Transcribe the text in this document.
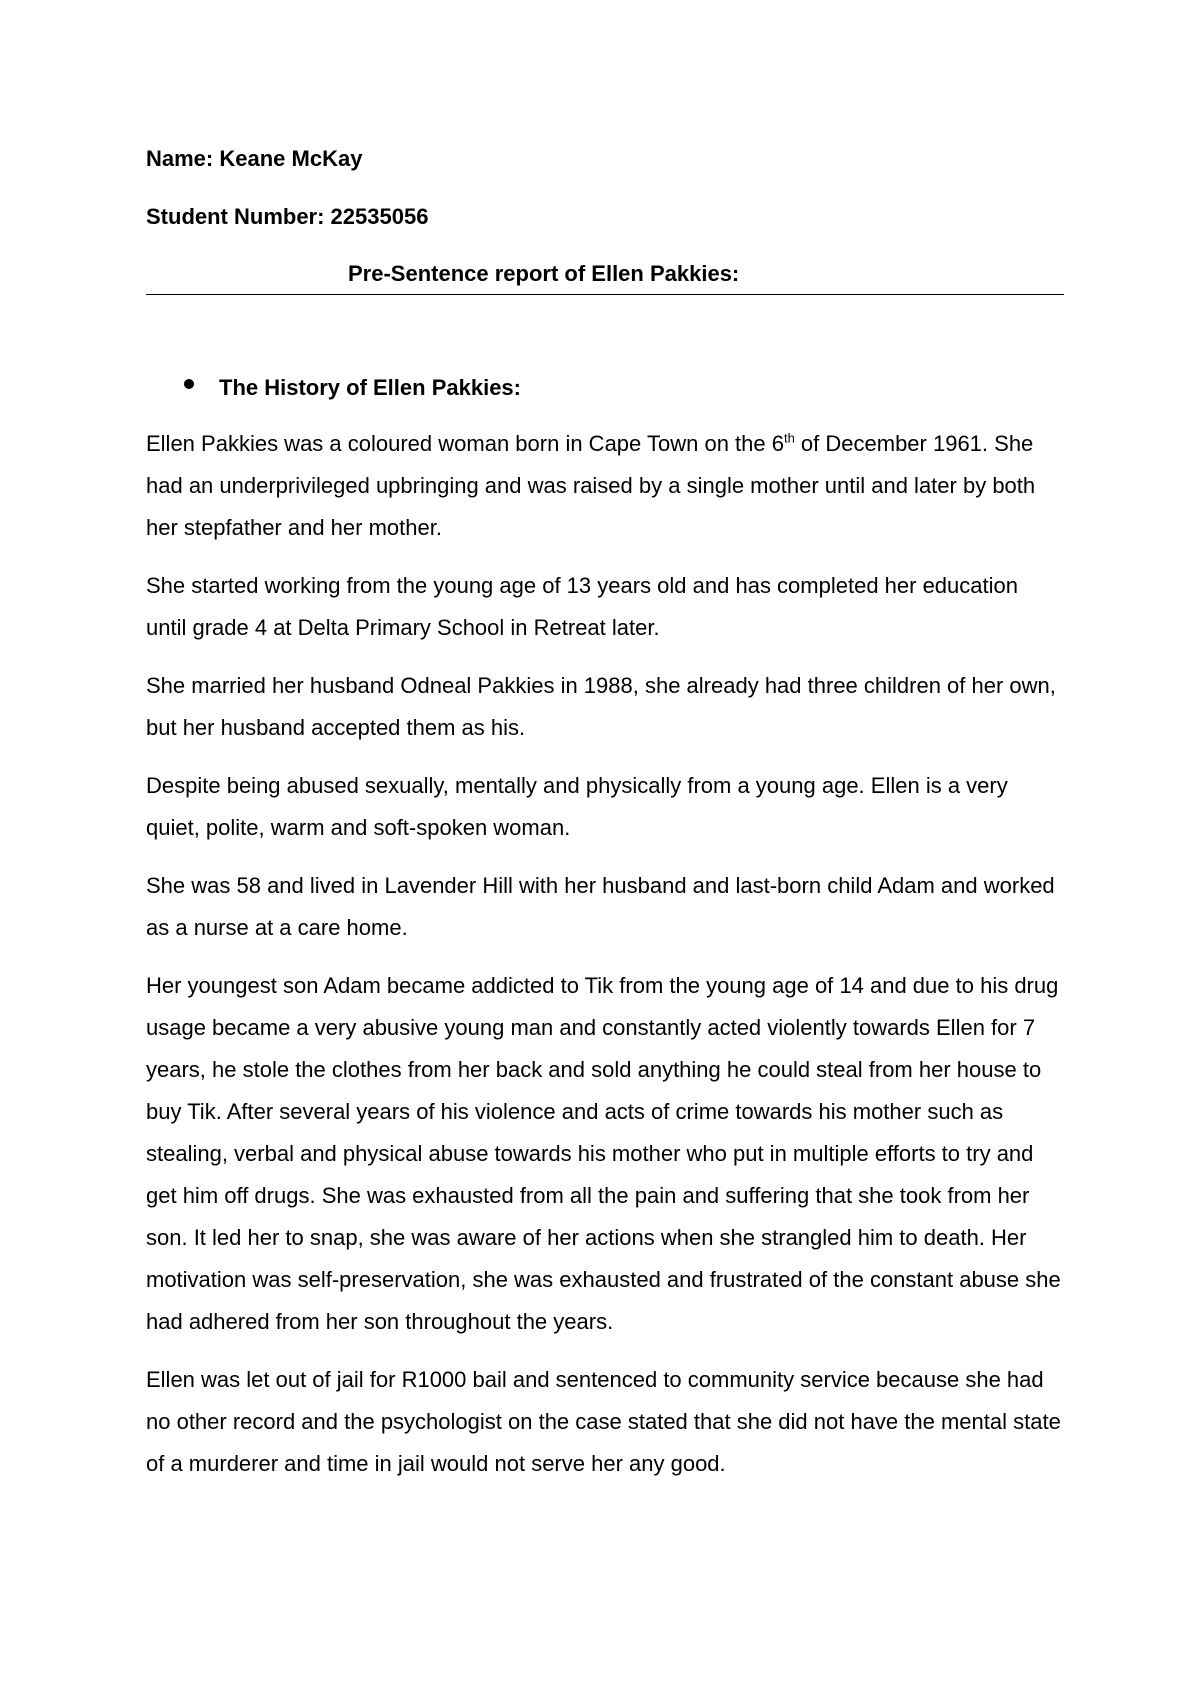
Name: Keane McKay
Student Number: 22535056
Pre-Sentence report of Ellen Pakkies:
The History of Ellen Pakkies:

Ellen Pakkies was a coloured woman born in Cape Town on the 6th of December 1961. She had an underprivileged upbringing and was raised by a single mother until and later by both her stepfather and her mother.

She started working from the young age of 13 years old and has completed her education until grade 4 at Delta Primary School in Retreat later.

She married her husband Odneal Pakkies in 1988, she already had three children of her own, but her husband accepted them as his.

Despite being abused sexually, mentally and physically from a young age. Ellen is a very quiet, polite, warm and soft-spoken woman.

She was 58 and lived in Lavender Hill with her husband and last-born child Adam and worked as a nurse at a care home.

Her youngest son Adam became addicted to Tik from the young age of 14 and due to his drug usage became a very abusive young man and constantly acted violently towards Ellen for 7 years, he stole the clothes from her back and sold anything he could steal from her house to buy Tik. After several years of his violence and acts of crime towards his mother such as stealing, verbal and physical abuse towards his mother who put in multiple efforts to try and get him off drugs. She was exhausted from all the pain and suffering that she took from her son. It led her to snap, she was aware of her actions when she strangled him to death. Her motivation was self-preservation, she was exhausted and frustrated of the constant abuse she had adhered from her son throughout the years.

Ellen was let out of jail for R1000 bail and sentenced to community service because she had no other record and the psychologist on the case stated that she did not have the mental state of a murderer and time in jail would not serve her any good.
